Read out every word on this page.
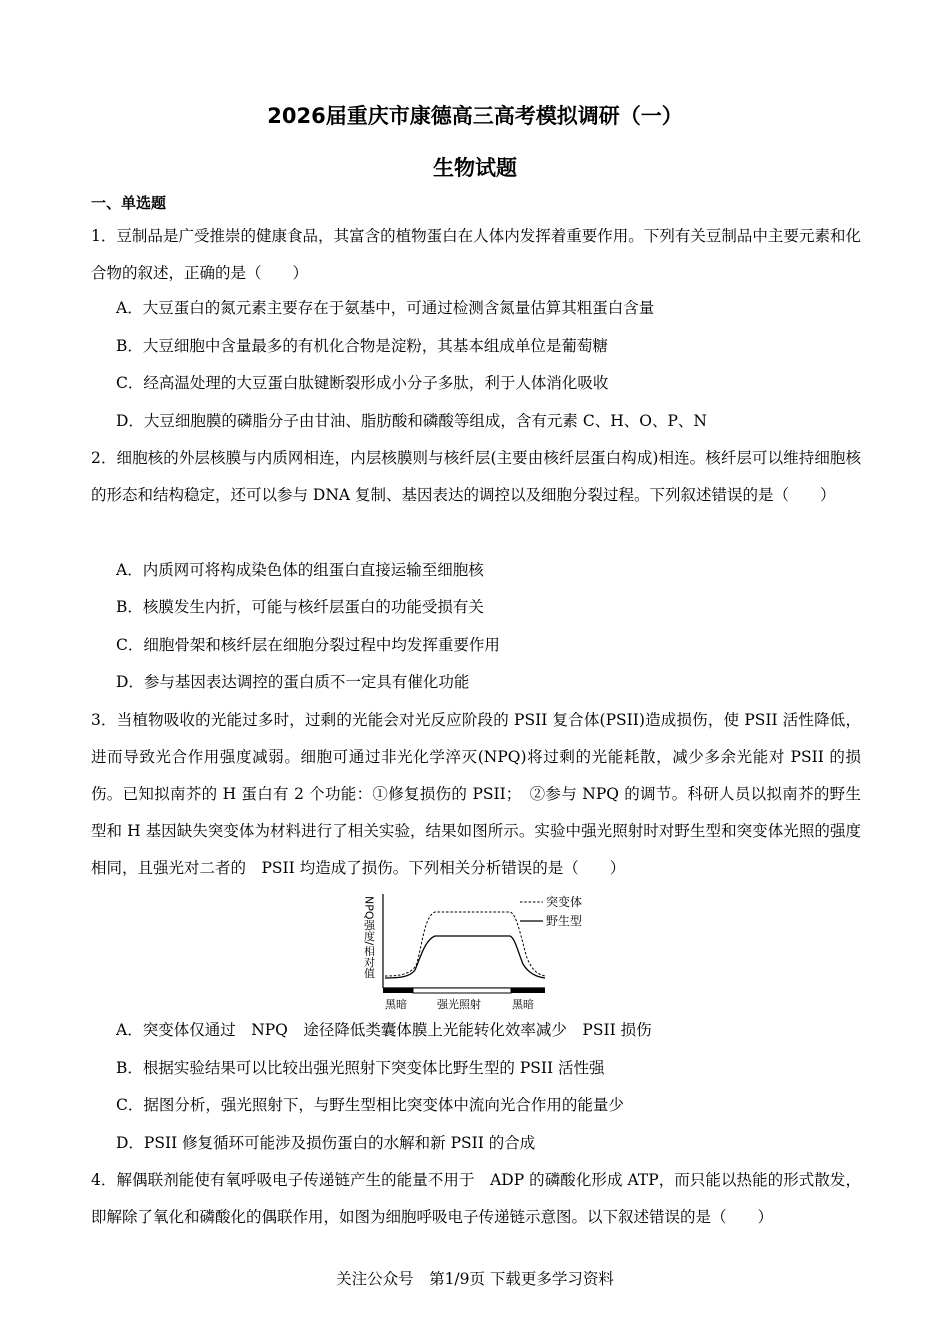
2026届重庆市康德高三高考模拟调研（一）
生物试题
一、单选题
1．豆制品是广受推崇的健康食品，其富含的植物蛋白在人体内发挥着重要作用。下列有关豆制品中主要元素和化合物的叙述，正确的是（　　）
A．大豆蛋白的氮元素主要存在于氨基中，可通过检测含氮量估算其粗蛋白含量
B．大豆细胞中含量最多的有机化合物是淀粉，其基本组成单位是葡萄糖
C．经高温处理的大豆蛋白肽键断裂形成小分子多肽，利于人体消化吸收
D．大豆细胞膜的磷脂分子由甘油、脂肪酸和磷酸等组成，含有元素 C、H、O、P、N
2．细胞核的外层核膜与内质网相连，内层核膜则与核纤层(主要由核纤层蛋白构成)相连。核纤层可以维持细胞核的形态和结构稳定，还可以参与 DNA 复制、基因表达的调控以及细胞分裂过程。下列叙述错误的是（　　）
A．内质网可将构成染色体的组蛋白直接运输至细胞核
B．核膜发生内折，可能与核纤层蛋白的功能受损有关
C．细胞骨架和核纤层在细胞分裂过程中均发挥重要作用
D．参与基因表达调控的蛋白质不一定具有催化功能
3．当植物吸收的光能过多时，过剩的光能会对光反应阶段的 PSII 复合体(PSII)造成损伤，使 PSII 活性降低，进而导致光合作用强度减弱。细胞可通过非光化学淬灭(NPQ)将过剩的光能耗散，减少多余光能对 PSII 的损伤。已知拟南芥的 H 蛋白有 2 个功能：①修复损伤的 PSII；　②参与 NPQ 的调节。科研人员以拟南芥的野生型和 H 基因缺失突变体为材料进行了相关实验，结果如图所示。实验中强光照射时对野生型和突变体光照的强度相同，且强光对二者的　PSII 均造成了损伤。下列相关分析错误的是（　　）
NPQ强度/相对值	突变体
野生型
黑暗	强光照射	黑暗
A．突变体仅通过　NPQ　途径降低类囊体膜上光能转化效率减少　PSII 损伤
B．根据实验结果可以比较出强光照射下突变体比野生型的 PSII 活性强
C．据图分析，强光照射下，与野生型相比突变体中流向光合作用的能量少
D．PSII 修复循环可能涉及损伤蛋白的水解和新 PSII 的合成
4．解偶联剂能使有氧呼吸电子传递链产生的能量不用于　ADP 的磷酸化形成 ATP，而只能以热能的形式散发，即解除了氧化和磷酸化的偶联作用，如图为细胞呼吸电子传递链示意图。以下叙述错误的是（　　）
关注公众号　第1/9页 下载更多学习资料
